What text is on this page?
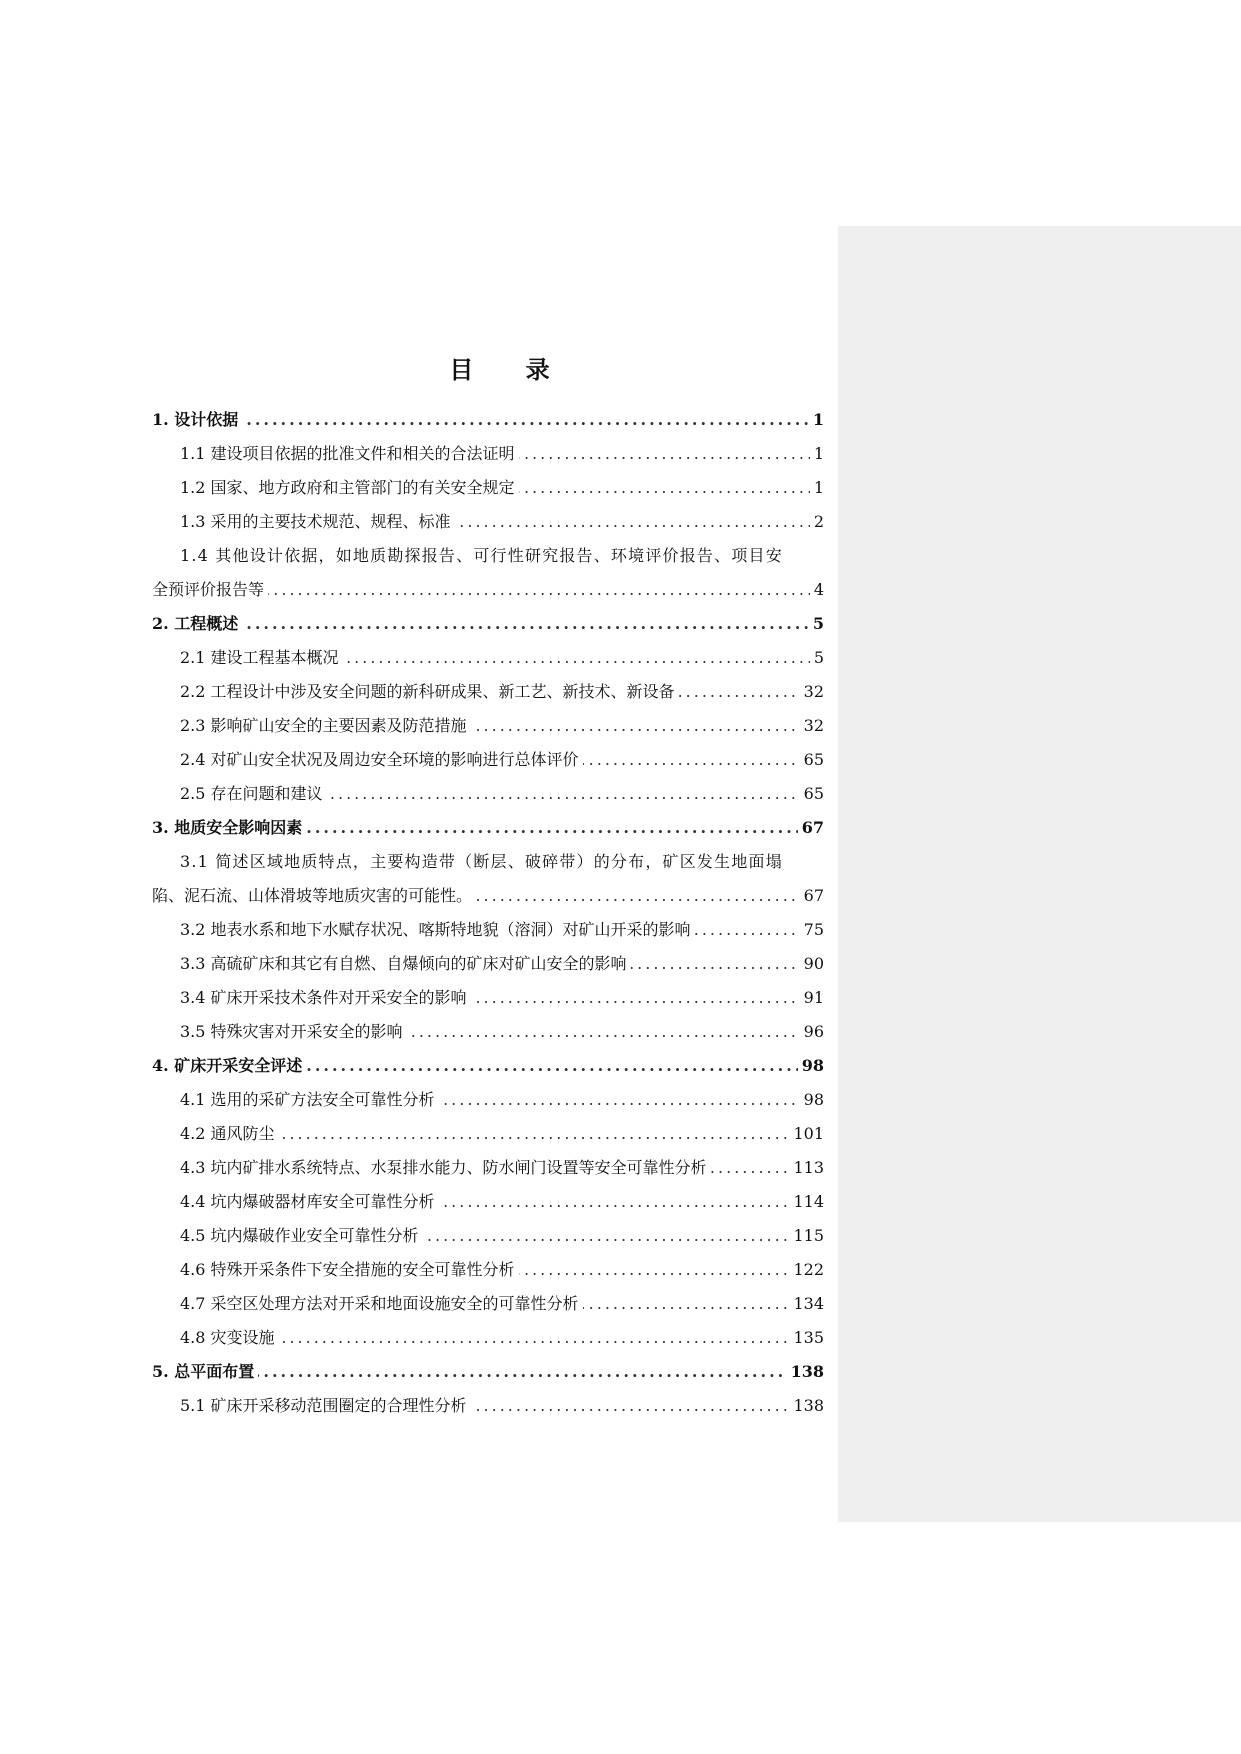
目 录
.....
1. 设计依据	1
.....
1.1 建设项目依据的批准文件和相关的合法证明	1
.....
1.2 国家、地方政府和主管部门的有关安全规定	1
.....
1.3 采用的主要技术规范、规程、标准	2
1.4 其他设计依据，如地质勘探报告、可行性研究报告、环境评价报告、项目安
.....
全预评价报告等	4
.....
2. 工程概述	5
.....
2.1 建设工程基本概况	5
.....
2.2 工程设计中涉及安全问题的新科研成果、新工艺、新技术、新设备	32
.....
2.3 影响矿山安全的主要因素及防范措施	32
.....
2.4 对矿山安全状况及周边安全环境的影响进行总体评价	65
.....
2.5 存在问题和建议	65
.....
3. 地质安全影响因素	67
3.1 简述区域地质特点，主要构造带（断层、破碎带）的分布，矿区发生地面塌
.....
陷、泥石流、山体滑坡等地质灾害的可能性。	67
.....
3.2 地表水系和地下水赋存状况、喀斯特地貌（溶洞）对矿山开采的影响	75
.....
3.3 高硫矿床和其它有自燃、自爆倾向的矿床对矿山安全的影响	90
.....
3.4 矿床开采技术条件对开采安全的影响	91
.....
3.5 特殊灾害对开采安全的影响	96
.....
4. 矿床开采安全评述	98
.....
4.1 选用的采矿方法安全可靠性分析	98
.....
4.2 通风防尘	101
.....
4.3 坑内矿排水系统特点、水泵排水能力、防水闸门设置等安全可靠性分析	113
.....
4.4 坑内爆破器材库安全可靠性分析	114
.....
4.5 坑内爆破作业安全可靠性分析	115
.....
4.6 特殊开采条件下安全措施的安全可靠性分析	122
.....
4.7 采空区处理方法对开采和地面设施安全的可靠性分析	134
.....
4.8 灾变设施	135
.....
5. 总平面布置	138
.....
5.1 矿床开采移动范围圈定的合理性分析	138
